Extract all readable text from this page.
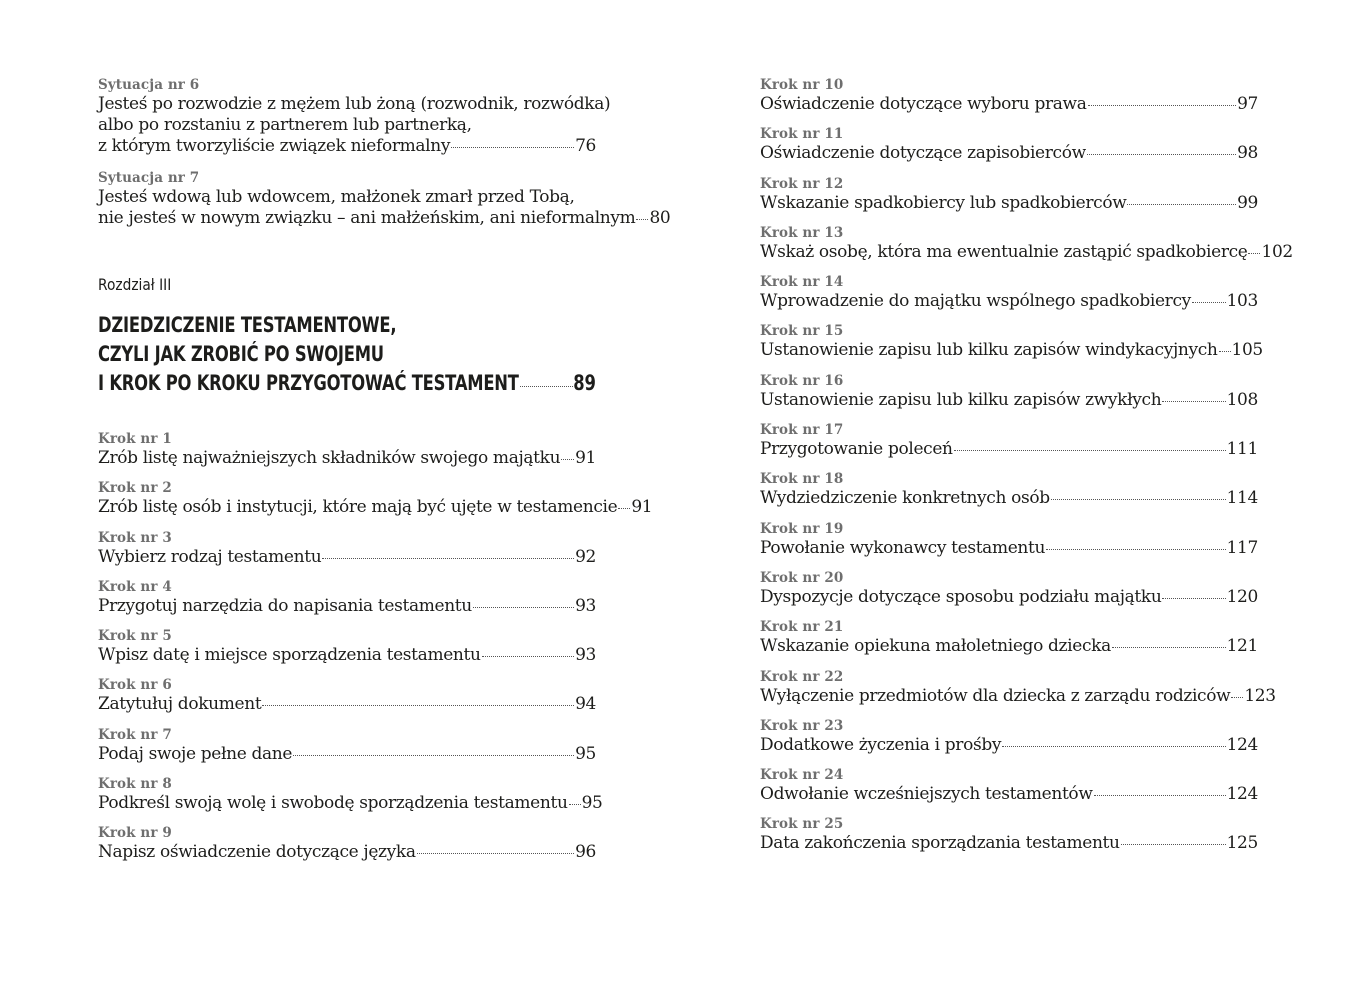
Sytuacja nr 6
Jesteś po rozwodzie z mężem lub żoną (rozwodnik, rozwódka)
albo po rozstaniu z partnerem lub partnerką,
z którym tworzyliście związek nieformalny	76
Sytuacja nr 7
Jesteś wdową lub wdowcem, małżonek zmarł przed Tobą,
nie jesteś w nowym związku – ani małżeńskim, ani nieformalnym 80
Rozdział III
DZIEDZICZENIE TESTAMENTOWE,
CZYLI JAK ZROBIĆ PO SWOJEMU
I KROK PO KROKU PRZYGOTOWAĆ TESTAMENT	89
Krok nr 1
Zrób listę najważniejszych składników swojego majątku 91
Krok nr 2
Zrób listę osób i instytucji, które mają być ujęte w testamencie 91
Krok nr 3
Wybierz rodzaj testamentu	92
Krok nr 4
Przygotuj narzędzia do napisania testamentu	93
Krok nr 5
Wpisz datę i miejsce sporządzenia testamentu	93
Krok nr 6
Zatytułuj dokument	94
Krok nr 7
Podaj swoje pełne dane	95
Krok nr 8
Podkreśl swoją wolę i swobodę sporządzenia testamentu 95
Krok nr 9
Napisz oświadczenie dotyczące języka	96
Krok nr 10
Oświadczenie dotyczące wyboru prawa	97
Krok nr 11
Oświadczenie dotyczące zapisobierców	98
Krok nr 12
Wskazanie spadkobiercy lub spadkobierców	99
Krok nr 13
Wskaż osobę, która ma ewentualnie zastąpić spadkobiercę 102
Krok nr 14
Wprowadzenie do majątku wspólnego spadkobiercy 103
Krok nr 15
Ustanowienie zapisu lub kilku zapisów windykacyjnych 105
Krok nr 16
Ustanowienie zapisu lub kilku zapisów zwykłych	108
Krok nr 17
Przygotowanie poleceń	111
Krok nr 18
Wydziedziczenie konkretnych osób	114
Krok nr 19
Powołanie wykonawcy testamentu	117
Krok nr 20
Dyspozycje dotyczące sposobu podziału majątku	120
Krok nr 21
Wskazanie opiekuna małoletniego dziecka	121
Krok nr 22
Wyłączenie przedmiotów dla dziecka z zarządu rodziców 123
Krok nr 23
Dodatkowe życzenia i prośby	124
Krok nr 24
Odwołanie wcześniejszych testamentów	124
Krok nr 25
Data zakończenia sporządzania testamentu	125
